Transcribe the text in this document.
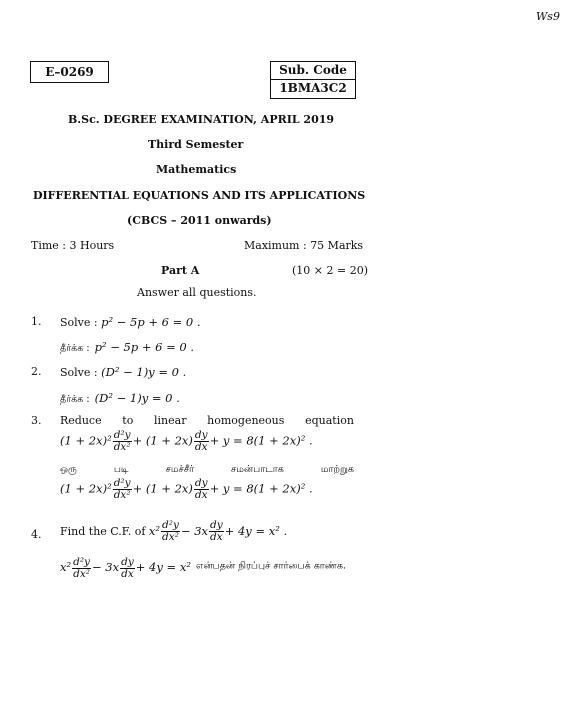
Ws9
E–0269	Sub. Code
1BMA3C2
B.Sc. DEGREE EXAMINATION, APRIL 2019
Third Semester
Mathematics
DIFFERENTIAL EQUATIONS AND ITS APPLICATIONS
(CBCS – 2011 onwards)
Time : 3 Hours	Maximum : 75 Marks
Part A	(10 × 2 = 20)
Answer all questions.
1. Solve : p² − 5p + 6 = 0 .
தீர்க்க : p² − 5p + 6 = 0 .
2. Solve : (D² − 1)y = 0 .
தீர்க்க : (D² − 1)y = 0 .
3. Reduce to linear homogeneous equation
$(1 + 2x)^2 \frac{\text{d²y}}{\text{dx²}} + (1 + 2x) \frac{dy}{dx} + y = 8(1 + 2x)^2$ .
ஒரு	படி	சமச்சீர்	சமன்பாடாக	மாற்றுக
$(1 + 2x)^2 \frac{\text{d²y}}{\text{dx²}} + (1 + 2x) \frac{dy}{dx} + y = 8(1 + 2x)^2$ .
4. Find the C.F. of $x^2 \frac{\text{d²y}}{\text{dx²}} - 3x \frac{dy}{dx} + 4y = x^2$ .
$x^2 \frac{\text{d²y}}{\text{dx²}} - 3x \frac{dy}{dx} + 4y = x^2$ என்பதன் நிரப்புச் சார்பைக் காண்க.
